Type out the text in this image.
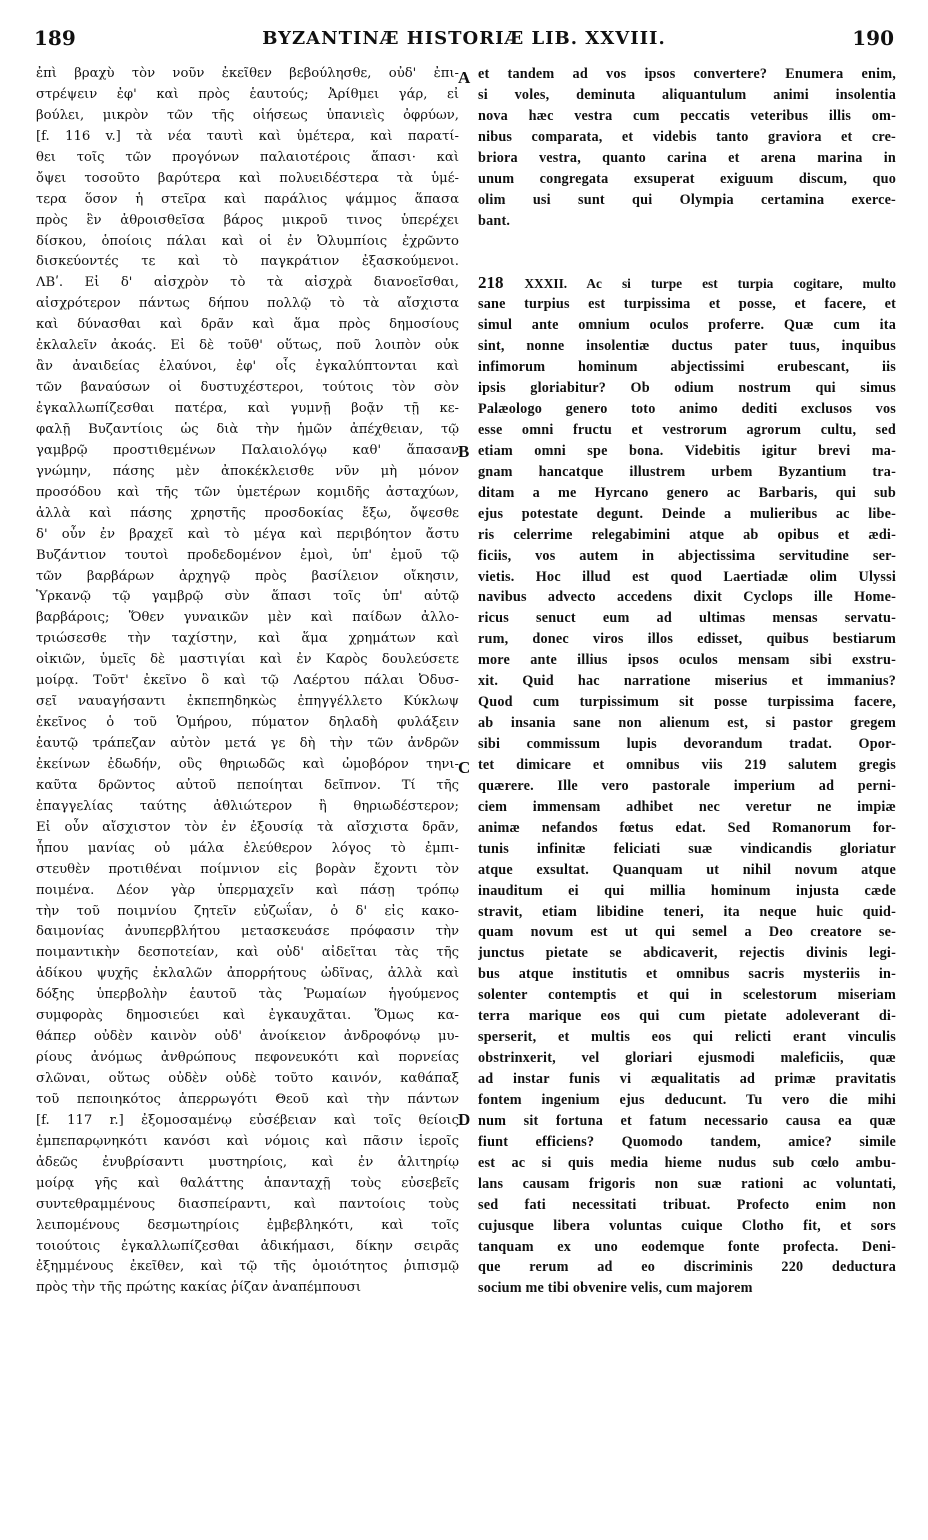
189	BYZANTINÆ HISTORIÆ LIB. XXVIII.	190
ἐπὶ βραχὺ τὸν νοῦν ἐκεῖθεν βεβούλησθε, οὐδ' ἐπι-
στρέψειν ἐφ' καὶ πρὸς ἑαυτούς; Ἀρίθμει γάρ, εἰ
βούλει, μικρὸν τῶν τῆς οἰήσεως ὑπανιεὶς ὀφρύων,
[f. 116 v.] τὰ νέα ταυτὶ καὶ ὑμέτερα, καὶ παρατί-
θει τοῖς τῶν προγόνων παλαιοτέροις ἅπασι· καὶ
ὄψει τοσοῦτο βαρύτερα καὶ πολυειδέστερα τὰ ὑμέ-
τερα ὅσον ἡ στεῖρα καὶ παράλιος ψάμμος ἅπασα
πρὸς ἓν ἀθροισθεῖσα βάρος μικροῦ τινος ὑπερέχει
δίσκου, ὁποίοις πάλαι καὶ οἱ ἐν Ὀλυμπίοις ἐχρῶντο
δισκεύοντές τε καὶ τὸ παγκράτιον ἐξασκούμενοι.
ΛΒʹ. Εἰ δ' αἰσχρὸν τὸ τὰ αἰσχρὰ διανοεῖσθαι,
αἰσχρότερον πάντως δήπου πολλῷ τὸ τὰ αἴσχιστα
καὶ δύνασθαι καὶ δρᾶν καὶ ἅμα πρὸς δημοσίους
ἐκλαλεῖν ἀκοάς. Εἰ δὲ τοῦθ' οὕτως, ποῦ λοιπὸν οὐκ
ἂν ἀναιδείας ἐλαύνοι, ἐφ' οἷς ἐγκαλύπτονται καὶ
τῶν βαναύσων οἱ δυστυχέστεροι, τούτοις τὸν σὸν
ἐγκαλλωπίζεσθαι πατέρα, καὶ γυμνῇ βοᾷν τῇ κε-
φαλῇ Βυζαντίοις ὡς διὰ τὴν ἡμῶν ἀπέχθειαν, τῷ
γαμβρῷ προστιθεμένων Παλαιολόγῳ καθ' ἅπασαν
γνώμην, πάσης μὲν ἀποκέκλεισθε νῦν μὴ μόνον
προσόδου καὶ τῆς τῶν ὑμετέρων κομιδῆς ἀσταχύων,
ἀλλὰ καὶ πάσης χρηστῆς προσδοκίας ἔξω, ὄψεσθε
δ' οὖν ἐν βραχεῖ καὶ τὸ μέγα καὶ περιβόητον ἄστυ
Βυζάντιον τουτοὶ προδεδομένον ἐμοὶ, ὑπ' ἐμοῦ τῷ
τῶν βαρβάρων ἀρχηγῷ πρὸς βασίλειον οἴκησιν,
Ὑρκανῷ τῷ γαμβρῷ σὺν ἅπασι τοῖς ὑπ' αὐτῷ
βαρβάροις; Ὅθεν γυναικῶν μὲν καὶ παίδων ἀλλο-
τριώσεσθε τὴν ταχίστην, καὶ ἅμα χρημάτων καὶ
οἰκιῶν, ὑμεῖς δὲ μαστιγίαι καὶ ἐν Καρὸς δουλεύσετε
μοίρᾳ. Τοῦτ' ἐκεῖνο ὃ καὶ τῷ Λαέρτου πάλαι Ὀδυσ-
σεῖ ναυαγήσαντι ἐκπεπηδηκὼς ἐπηγγέλλετο Κύκλωψ
ἐκεῖνος ὁ τοῦ Ὁμήρου, πύματον δηλαδὴ φυλάξειν
ἑαυτῷ τράπεζαν αὐτὸν μετά γε δὴ τὴν τῶν ἀνδρῶν
ἐκείνων ἐδωδήν, οὓς θηριωδῶς καὶ ὠμοβόρον τηνι-
καῦτα δρῶντος αὐτοῦ πεποίηται δεῖπνον. Τί τῆς
ἐπαγγελίας ταύτης ἀθλιώτερον ἢ θηριωδέστερον;
Εἰ οὖν αἴσχιστον τὸν ἐν ἐξουσίᾳ τὰ αἴσχιστα δρᾶν,
ἧπου μανίας οὐ μάλα ἐλεύθερον λόγος τὸ ἐμπι-
στευθὲν προτιθέναι ποίμνιον εἰς βορὰν ἔχοντι τὸν
ποιμένα. Δέον γὰρ ὑπερμαχεῖν καὶ πάσῃ τρόπῳ
τὴν τοῦ ποιμνίου ζητεῖν εὐζωΐαν, ὁ δ' εἰς κακο-
δαιμονίας ἀνυπερβλήτου μετασκευάσε πρόφασιν τὴν
ποιμαντικὴν δεσποτείαν, καὶ οὐδ' αἰδεῖται τὰς τῆς
ἀδίκου ψυχῆς ἐκλαλῶν ἀπορρήτους ὠδῖνας, ἀλλὰ καὶ
δόξης ὑπερβολὴν ἑαυτοῦ τὰς Ῥωμαίων ἡγούμενος
συμφορὰς δημοσιεύει καὶ ἐγκαυχᾶται. Ὅμως κα-
θάπερ οὐδὲν καινὸν οὐδ' ἀνοίκειον ἀνδροφόνῳ μυ-
ρίους ἀνόμως ἀνθρώπους πεφονευκότι καὶ πορνείας
σλῶναι, οὕτως οὐδὲν οὐδὲ τοῦτο καινόν, καθάπαξ
τοῦ πεποιηκότος ἀπερρωγότι Θεοῦ καὶ τὴν πάντων
[f. 117 r.] ἐξομοσαμένῳ εὐσέβειαν καὶ τοῖς θείοις
ἐμπεπαρῳνηκότι κανόσι καὶ νόμοις καὶ πᾶσιν ἱεροῖς
ἀδεῶς ἐνυβρίσαντι μυστηρίοις, καὶ ἐν ἀλιτηρίῳ
μοίρᾳ γῆς καὶ θαλάττης ἁπανταχῇ τοὺς εὐσεβεῖς
συντεθραμμένους διασπείραντι, καὶ παντοίοις τοὺς
λειπομένους δεσμωτηρίοις ἐμβεβληκότι, καὶ τοῖς
τοιούτοις ἐγκαλλωπίζεσθαι ἀδικήμασι, δίκην σειρᾶς
ἐξημμένους ἐκεῖθεν, καὶ τῷ τῆς ὁμοιότητος ῥιπισμῷ
πρὸς τὴν τῆς πρώτης κακίας ῥίζαν ἀναπέμπουσι
et tandem ad vos ipsos convertere? Enumera enim,
si voles, deminuta aliquantulum animi insolentia
nova hæc vestra cum peccatis veteribus illis om-
nibus comparata, et videbis tanto graviora et cre-
briora vestra, quanto carina et arena marina in
unum congregata exsuperat exiguum discum, quo
olim usi sunt qui Olympia certamina exerce-
bant.
218 XXXII. Ac si turpe est turpia cogitare, multo
sane turpius est turpissima et posse, et facere, et
simul ante omnium oculos proferre. Quæ cum ita
sint, nonne insolentiæ ductus pater tuus, inquibus
infimorum hominum abjectissimi erubescant, iis
ipsis gloriabitur? Ob odium nostrum qui simus
Palæologo genero toto animo dediti exclusos vos
esse omni fructu et vestrorum agrorum cultu, sed
etiam omni spe bona. Videbitis igitur brevi ma-
gnam hancatque illustrem urbem Byzantium tra-
ditam a me Hyrcano genero ac Barbaris, qui sub
ejus potestate degunt. Deinde a mulieribus ac libe-
ris celerrime relegabimini atque ab opibus et ædi-
ficiis, vos autem in abjectissima servitudine ser-
vietis. Hoc illud est quod Laertiadæ olim Ulyssi
navibus advecto accedens dixit Cyclops ille Home-
ricus senuct eum ad ultimas mensas servatu-
rum, donec viros illos edisset, quibus bestiarum
more ante illius ipsos oculos mensam sibi exstru-
xit. Quid hac narratione miserius et immanius?
Quod cum turpissimum sit posse turpissima facere,
ab insania sane non alienum est, si pastor gregem
sibi commissum lupis devorandum tradat. Opor-
tet dimicare et omnibus viis 219 salutem gregis
quærere. Ille vero pastorale imperium ad perni-
ciem immensam adhibet nec veretur ne impiæ
animæ nefandos fœtus edat. Sed Romanorum for-
tunis infinitæ feliciati suæ vindicandis gloriatur
atque exsultat. Quanquam ut nihil novum atque
inauditum ei qui millia hominum injusta cæde
stravit, etiam libidine teneri, ita neque huic quid-
quam novum est ut qui semel a Deo creatore se-
junctus pietate se abdicaverit, rejectis divinis legi-
bus atque institutis et omnibus sacris mysteriis in-
solenter contemptis et qui in scelestorum miseriam
terra marique eos qui cum pietate adoleverant di-
sperserit, et multis eos qui relicti erant vinculis
obstrinxerit, vel gloriari ejusmodi maleficiis, quæ
ad instar funis vi æqualitatis ad primæ pravitatis
fontem ingenium ejus deducunt. Tu vero die mihi
num sit fortuna et fatum necessario causa ea quæ
fiunt efficiens? Quomodo tandem, amice? simile
est ac si quis media hieme nudus sub cœlo ambu-
lans causam frigoris non suæ rationi ac voluntati,
sed fati necessitati tribuat. Profecto enim non
cujusque libera voluntas cuique Clotho fit, et sors
tanquam ex uno eodemque fonte profecta. Deni-
que rerum ad eo discriminis 220 deductura
socium me tibi obvenire velis, cum majorem
A
B
C
D
